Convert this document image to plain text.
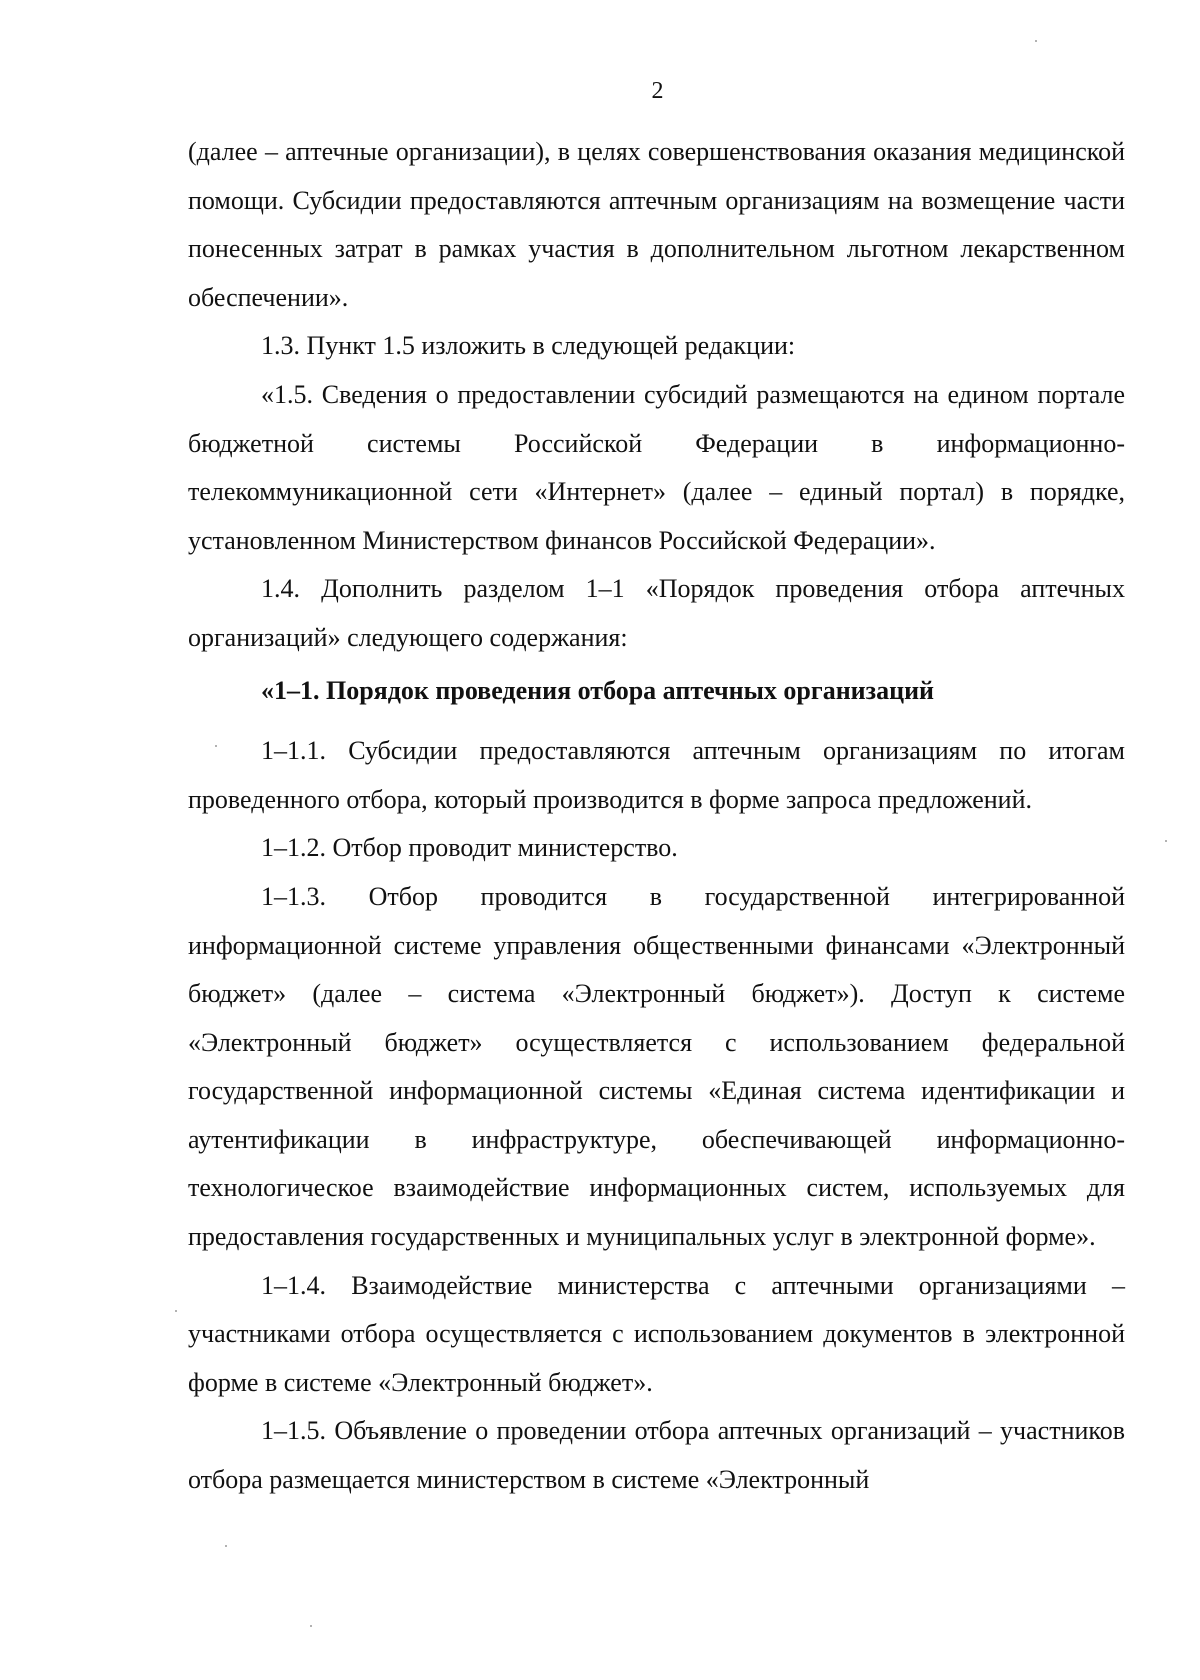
2

(далее – аптечные организации), в целях совершенствования оказания медицинской помощи. Субсидии предоставляются аптечным организациям на возмещение части понесенных затрат в рамках участия в дополнительном льготном лекарственном обеспечении».

1.3. Пункт 1.5 изложить в следующей редакции:

«1.5. Сведения о предоставлении субсидий размещаются на едином портале бюджетной системы Российской Федерации в информационно-телекоммуникационной сети «Интернет» (далее – единый портал) в порядке, установленном Министерством финансов Российской Федерации».

1.4. Дополнить разделом 1–1 «Порядок проведения отбора аптечных организаций» следующего содержания:

«1–1. Порядок проведения отбора аптечных организаций

1–1.1. Субсидии предоставляются аптечным организациям по итогам проведенного отбора, который производится в форме запроса предложений.

1–1.2. Отбор проводит министерство.

1–1.3. Отбор проводится в государственной интегрированной информационной системе управления общественными финансами «Электронный бюджет» (далее – система «Электронный бюджет»). Доступ к системе «Электронный бюджет» осуществляется с использованием федеральной государственной информационной системы «Единая система идентификации и аутентификации в инфраструктуре, обеспечивающей информационно-технологическое взаимодействие информационных систем, используемых для предоставления государственных и муниципальных услуг в электронной форме».

1–1.4. Взаимодействие министерства с аптечными организациями – участниками отбора осуществляется с использованием документов в электронной форме в системе «Электронный бюджет».

1–1.5. Объявление о проведении отбора аптечных организаций – участников отбора размещается министерством в системе «Электронный
